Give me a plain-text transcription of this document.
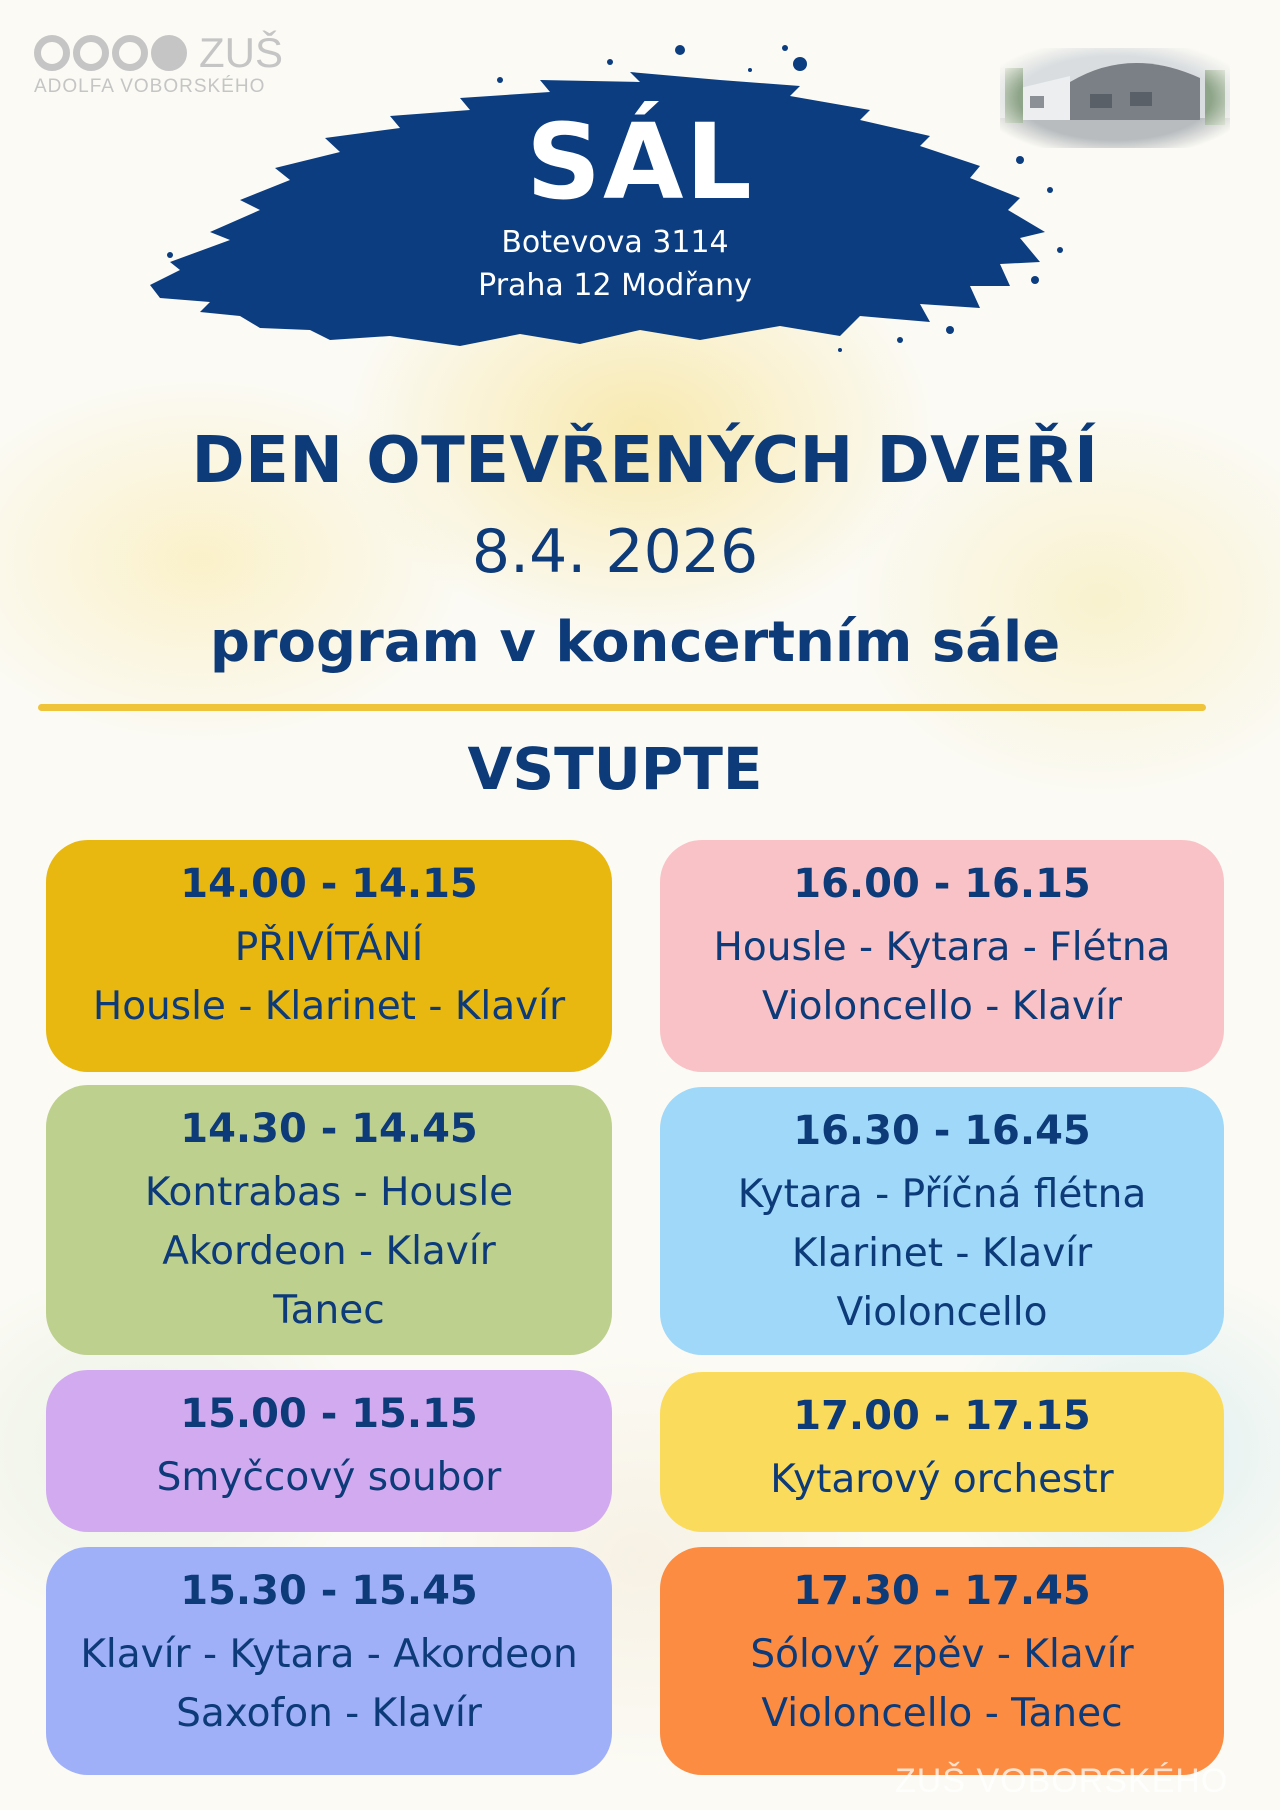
ZUŠ
ADOLFA VOBORSKÉHO
SÁL
Botevova 3114
Praha 12 Modřany
DEN OTEVŘENÝCH DVEŘÍ
8.4. 2026
program v koncertním sále
VSTUPTE
14.00 - 14.15
PŘIVÍTÁNÍ
Housle - Klarinet - Klavír
14.30 - 14.45
Kontrabas - Housle
Akordeon - Klavír
Tanec
15.00 - 15.15
Smyčcový soubor
15.30 - 15.45
Klavír - Kytara - Akordeon
Saxofon - Klavír
16.00 - 16.15
Housle - Kytara - Flétna
Violoncello - Klavír
16.30 - 16.45
Kytara - Příčná flétna
Klarinet - Klavír
Violoncello
17.00 - 17.15
Kytarový orchestr
17.30 - 17.45
Sólový zpěv - Klavír
Violoncello - Tanec
ZUŠ VOBORSKÉHO
